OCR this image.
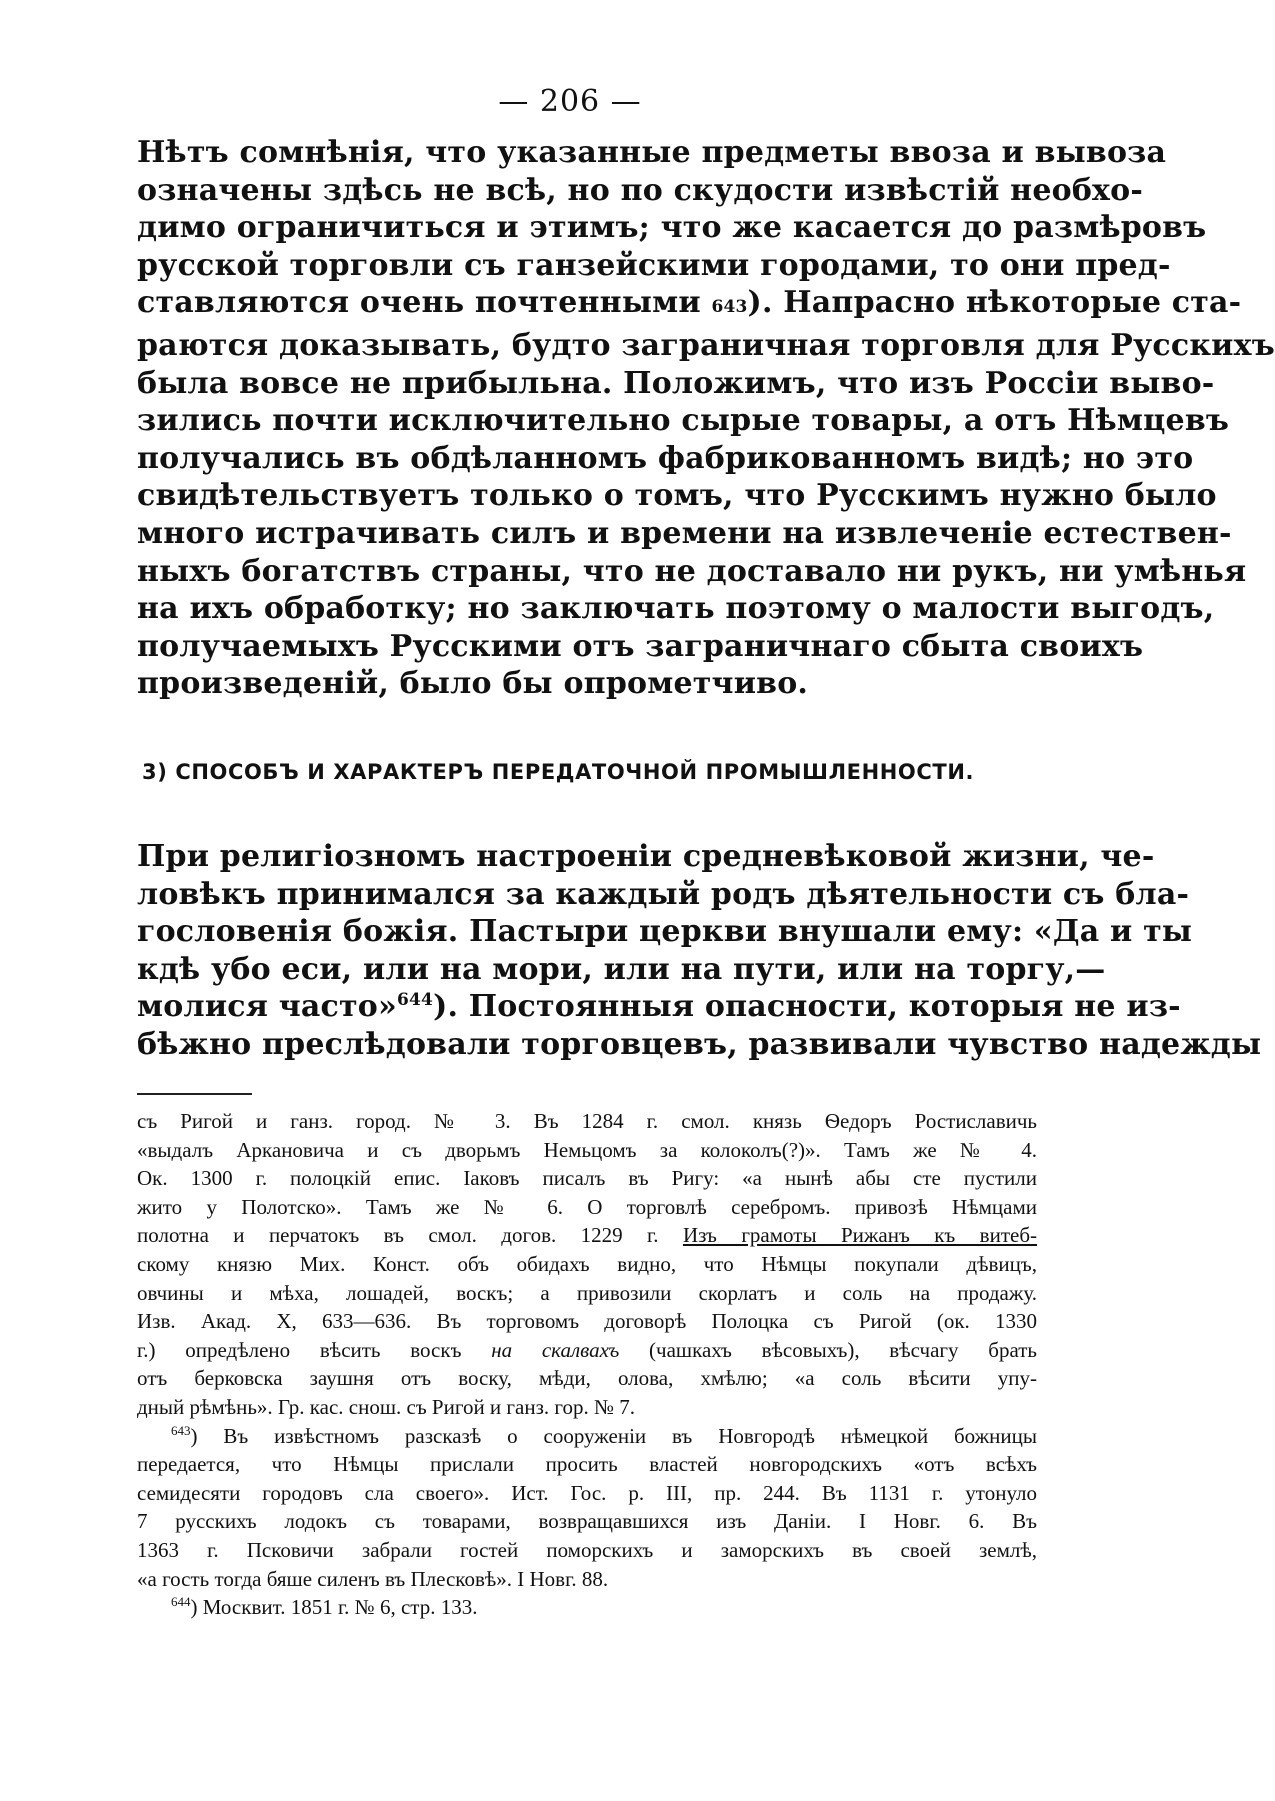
— 206 —
Нѣтъ сомнѣнія, что указанные предметы ввоза и вывоза
означены здѣсь не всѣ, но по скудости извѣстій необхо-
димо ограничиться и этимъ; что же касается до размѣровъ
русской торговли съ ганзейскими городами, то они пред-
ставляются очень почтенными 643). Напрасно нѣкоторые ста-
раются доказывать, будто заграничная торговля для Русскихъ
была вовсе не прибыльна. Положимъ, что изъ Россіи выво-
зились почти исключительно сырые товары, а отъ Нѣмцевъ
получались въ обдѣланномъ фабрикованномъ видѣ; но это
свидѣтельствуетъ только о томъ, что Русскимъ нужно было
много истрачивать силъ и времени на извлеченіе естествен-
ныхъ богатствъ страны, что не доставало ни рукъ, ни умѣнья
на ихъ обработку; но заключать поэтому о малости выгодъ,
получаемыхъ Русскими отъ заграничнаго сбыта своихъ
произведеній, было бы опрометчиво.
3) СПОСОБЪ И ХАРАКТЕРЪ ПЕРЕДАТОЧНОЙ ПРОМЫШЛЕННОСТИ.
При религіозномъ настроеніи средневѣковой жизни, че-
ловѣкъ принимался за каждый родъ дѣятельности съ бла-
гословенія божія. Пастыри церкви внушали ему: «Да и ты
кдѣ убо еси, или на мори, или на пути, или на торгу,—
молися часто»$^{644}$). Постоянныя опасности, которыя не из-
бѣжно преслѣдовали торговцевъ, развивали чувство надежды
съ Ригой и ганз. город. № 3. Въ 1284 г. смол. князь Ѳедоръ Ростиславичь
«выдалъ Аркановича и съ дворьмъ Немьцомъ за колоколъ(?)». Тамъ же № 4.
Ок. 1300 г. полоцкій епис. Іаковъ писалъ въ Ригу: «а нынѣ абы сте пустили
жито у Полотско». Тамъ же № 6. О торговлѣ серебромъ. привозѣ Нѣмцами
полотна и перчатокъ въ смол. догов. 1229 г. Изъ грамоты Рижанъ къ витеб-
скому князю Мих. Конст. объ обидахъ видно, что Нѣмцы покупали дѣвицъ,
овчины и мѣха, лошадей, воскъ; а привозили скорлатъ и соль на продажу.
Изв. Акад. X, 633—636. Въ торговомъ договорѣ Полоцка съ Ригой (ок. 1330
г.) опредѣлено вѣсить воскъ на скалвахъ (чашкахъ вѣсовыхъ), вѣсчагу брать
отъ берковска заушня отъ воску, мѣди, олова, хмѣлю; «а соль вѣсити упу-
дный рѣмѣнь». Гр. кас. снош. съ Ригой и ганз. гор. № 7.
$^{643}$) Въ извѣстномъ разсказѣ о сооруженіи въ Новгородѣ нѣмецкой божницы
передается, что Нѣмцы прислали просить властей новгородскихъ «отъ всѣхъ
семидесяти городовъ сла своего». Ист. Гос. р. III, пр. 244. Въ 1131 г. утонуло
7 русскихъ лодокъ съ товарами, возвращавшихся изъ Даніи. I Новг. 6. Въ
1363 г. Псковичи забрали гостей поморскихъ и заморскихъ въ своей землѣ,
«а гость тогда бяше силенъ въ Плесковѣ». I Новг. 88.
$^{644}$) Москвит. 1851 г. № 6, стр. 133.
